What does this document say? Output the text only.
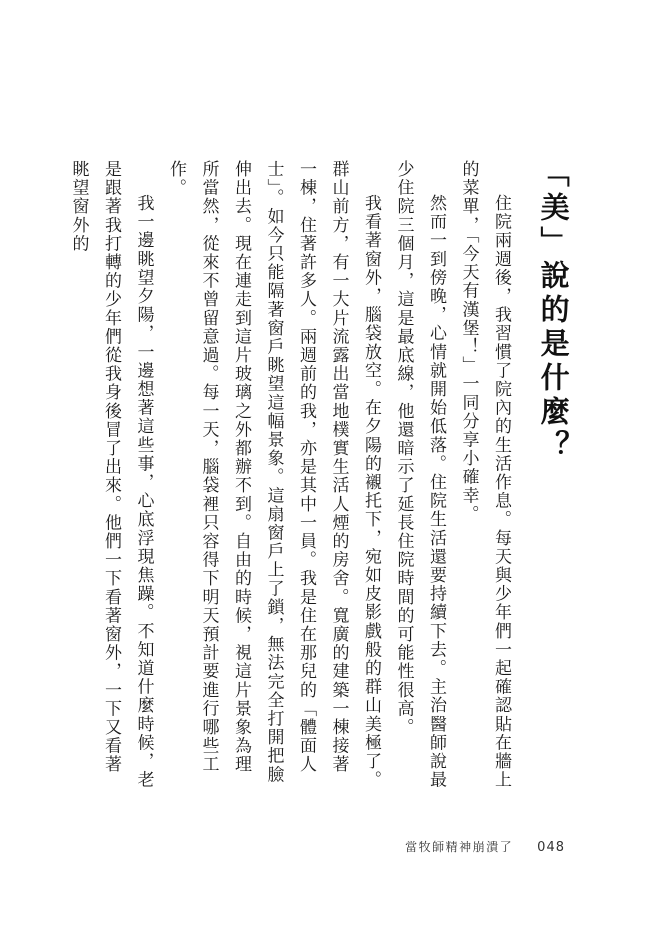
「美」說的是什麼？

住院兩週後，我習慣了院內的生活作息。每天與少年們一起確認貼在牆上的菜單，「今天有漢堡！」一同分享小確幸。

然而一到傍晚，心情就開始低落。住院生活還要持續下去。主治醫師說最少住院三個月，這是最底線，他還暗示了延長住院時間的可能性很高。

我看著窗外，腦袋放空。在夕陽的襯托下，宛如皮影戲般的群山美極了。群山前方，有一大片流露出當地樸實生活人煙的房舍。寬廣的建築一棟接著一棟，住著許多人。兩週前的我，亦是其中一員。我是住在那兒的「體面人士」。如今只能隔著窗戶眺望這幅景象。這扇窗戶上了鎖，無法完全打開把臉伸出去。現在連走到這片玻璃之外都辦不到。自由的時候，視這片景象為理所當然，從來不曾留意過。每一天，腦袋裡只容得下明天預計要進行哪些工作。

我一邊眺望夕陽，一邊想著這些事，心底浮現焦躁。不知道什麼時候，老是跟著我打轉的少年們從我身後冒了出來。他們一下看著窗外，一下又看著眺望窗外的

當牧師精神崩潰了 048
